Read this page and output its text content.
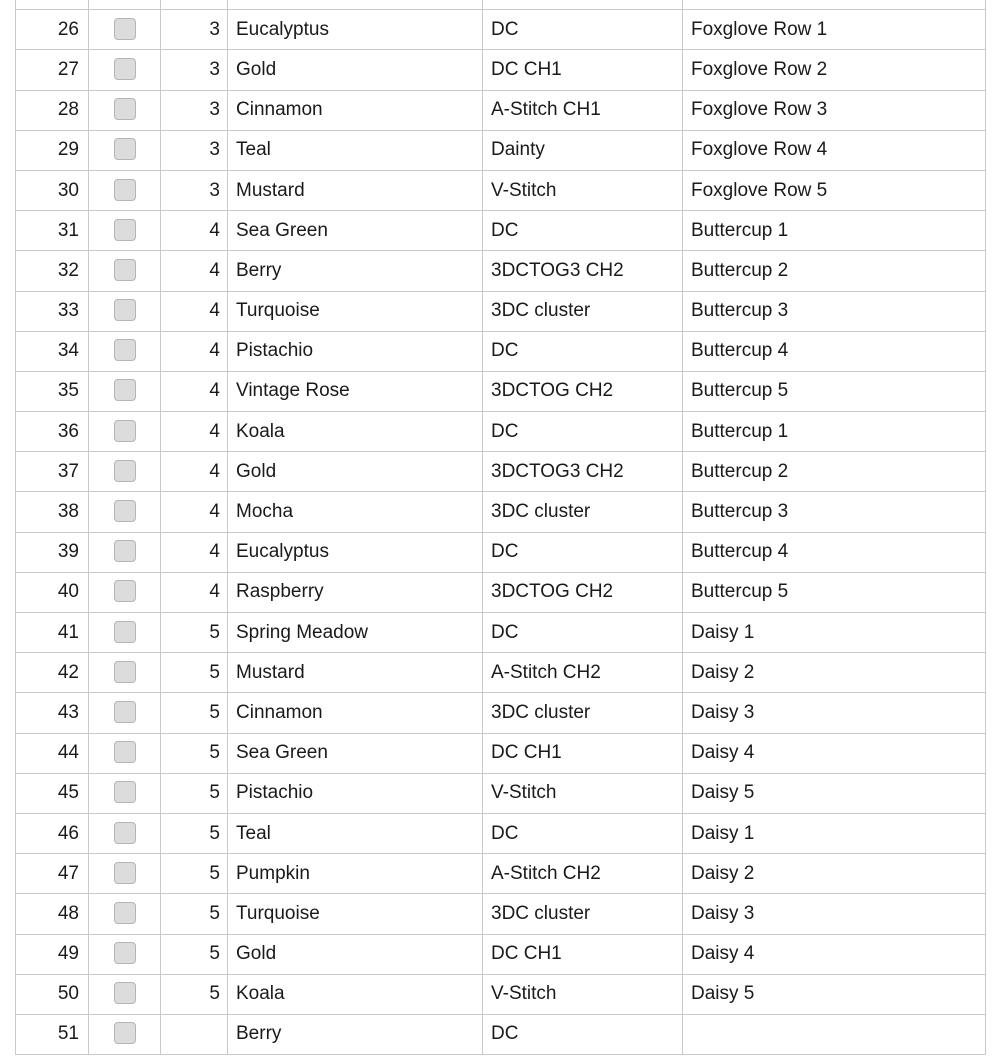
26	3 Eucalyptus	DC	Foxglove Row 1
27	3 Gold	DC CH1	Foxglove Row 2
28	3 Cinnamon	A-Stitch CH1	Foxglove Row 3
29	3 Teal	Dainty	Foxglove Row 4
30	3 Mustard	V-Stitch	Foxglove Row 5
31	4 Sea Green	DC	Buttercup 1
32	4 Berry	3DCTOG3 CH2	Buttercup 2
33	4 Turquoise	3DC cluster	Buttercup 3
34	4 Pistachio	DC	Buttercup 4
35	4 Vintage Rose	3DCTOG CH2	Buttercup 5
36	4 Koala	DC	Buttercup 1
37	4 Gold	3DCTOG3 CH2	Buttercup 2
38	4 Mocha	3DC cluster	Buttercup 3
39	4 Eucalyptus	DC	Buttercup 4
40	4 Raspberry	3DCTOG CH2	Buttercup 5
41	5 Spring Meadow	DC	Daisy 1
42	5 Mustard	A-Stitch CH2	Daisy 2
43	5 Cinnamon	3DC cluster	Daisy 3
44	5 Sea Green	DC CH1	Daisy 4
45	5 Pistachio	V-Stitch	Daisy 5
46	5 Teal	DC	Daisy 1
47	5 Pumpkin	A-Stitch CH2	Daisy 2
48	5 Turquoise	3DC cluster	Daisy 3
49	5 Gold	DC CH1	Daisy 4
50	5 Koala	V-Stitch	Daisy 5
51	Berry	DC
